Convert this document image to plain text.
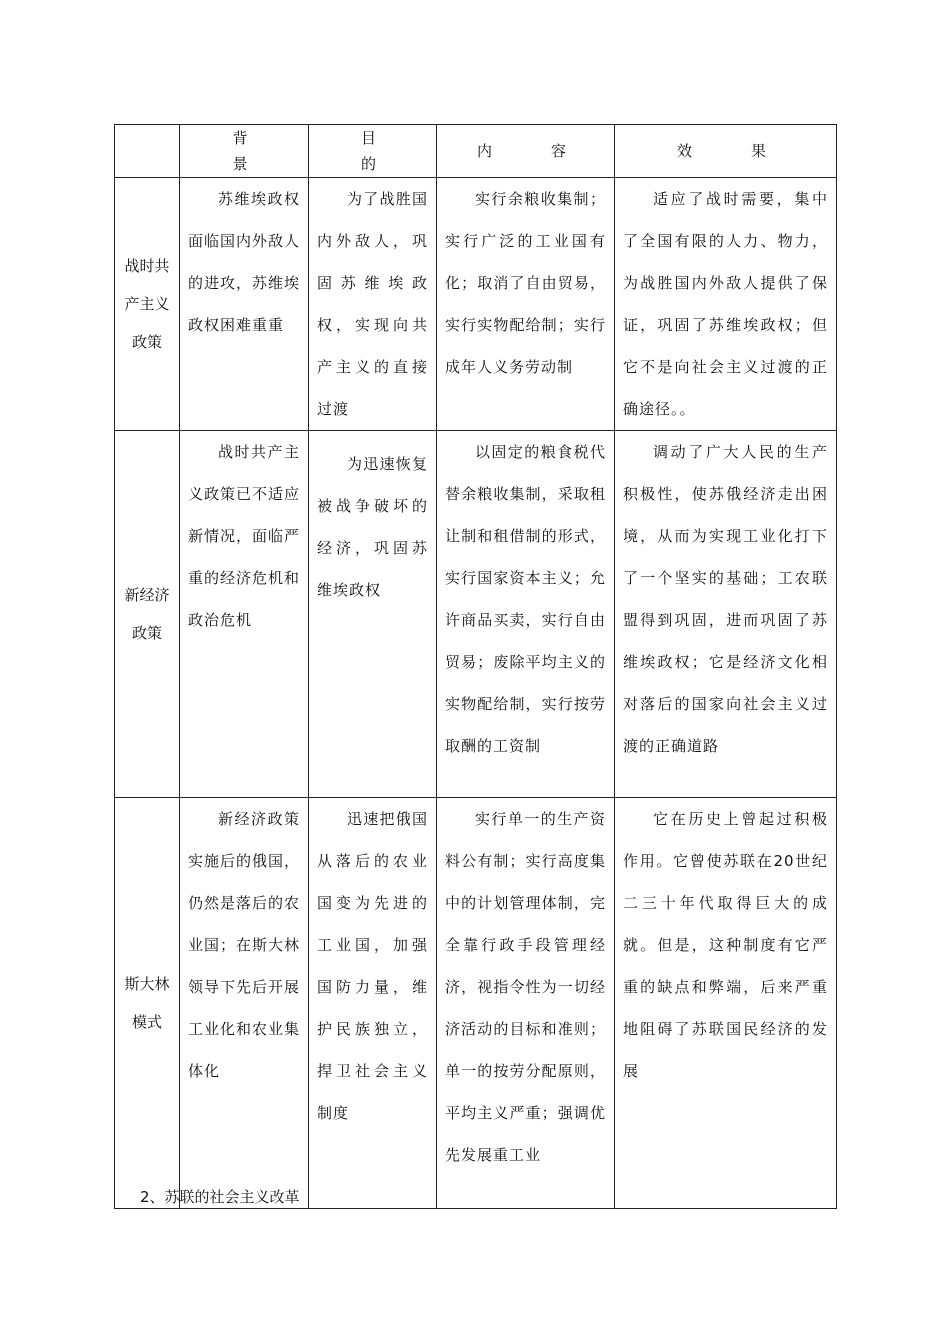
	背　景	目　的	内　容	效　果
战时共产主义政策	苏维埃政权面临国内外敌人的进攻，苏维埃政权困难重重	为了战胜国内外敌人，巩固苏维埃政权，实现向共产主义的直接过渡	实行余粮收集制；实行广泛的工业国有化；取消了自由贸易，实行实物配给制；实行成年人义务劳动制	适应了战时需要，集中了全国有限的人力、物力，为战胜国内外敌人提供了保证，巩固了苏维埃政权；但它不是向社会主义过渡的正确途径。。

新经济政策	战时共产主义政策已不适应新情况，面临严重的经济危机和政治危机	为迅速恢复被战争破坏的经济，巩固苏维埃政权	以固定的粮食税代替余粮收集制，采取租让制和租借制的形式，实行国家资本主义；允许商品买卖，实行自由贸易；废除平均主义的实物配给制，实行按劳取酬的工资制	调动了广大人民的生产积极性，使苏俄经济走出困境，从而为实现工业化打下了一个坚实的基础；工农联盟得到巩固，进而巩固了苏维埃政权；它是经济文化相对落后的国家向社会主义过渡的正确道路

斯大林模式	新经济政策实施后的俄国，仍然是落后的农业国；在斯大林领导下先后开展工业化和农业集体化	迅速把俄国从落后的农业国变为先进的工业国，加强国防力量，维护民族独立，捍卫社会主义制度	实行单一的生产资料公有制；实行高度集中的计划管理体制，完全靠行政手段管理经济，视指令性为一切经济活动的目标和准则；单一的按劳分配原则，平均主义严重；强调优先发展重工业	它在历史上曾起过积极作用。它曾使苏联在20世纪二三十年代取得巨大的成就。但是，这种制度有它严重的缺点和弊端，后来严重地阻碍了苏联国民经济的发展
2、苏联的社会主义改革
